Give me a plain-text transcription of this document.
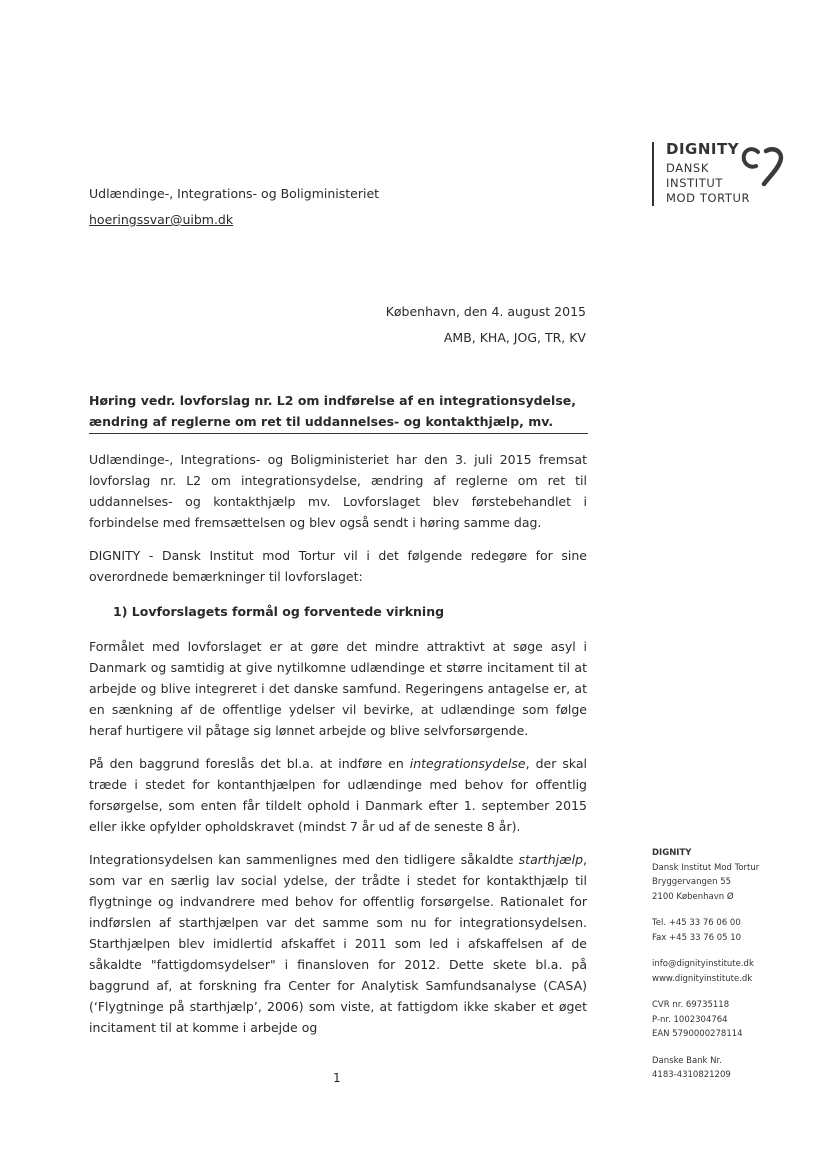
DIGNITY
DANSK
INSTITUT
MOD TORTUR
Udlændinge-, Integrations- og Boligministeriet
hoeringssvar@uibm.dk
København, den 4. august 2015
AMB, KHA, JOG, TR, KV
Høring vedr. lovforslag nr. L2 om indførelse af en integrationsydelse, ændring af reglerne om ret til uddannelses- og kontakthjælp, mv.

Udlændinge-, Integrations- og Boligministeriet har den 3. juli 2015 fremsat lovforslag nr. L2 om integrationsydelse, ændring af reglerne om ret til uddannelses- og kontakthjælp mv. Lovforslaget blev førstebehandlet i forbindelse med fremsættelsen og blev også sendt i høring samme dag.

DIGNITY - Dansk Institut mod Tortur vil i det følgende redegøre for sine overordnede bemærkninger til lovforslaget:

1) Lovforslagets formål og forventede virkning

Formålet med lovforslaget er at gøre det mindre attraktivt at søge asyl i Danmark og samtidig at give nytilkomne udlændinge et større incitament til at arbejde og blive integreret i det danske samfund. Regeringens antagelse er, at en sænkning af de offentlige ydelser vil bevirke, at udlændinge som følge heraf hurtigere vil påtage sig lønnet arbejde og blive selvforsørgende.

På den baggrund foreslås det bl.a. at indføre en integrationsydelse, der skal træde i stedet for kontanthjælpen for udlændinge med behov for offentlig forsørgelse, som enten får tildelt ophold i Danmark efter 1. september 2015 eller ikke opfylder opholdskravet (mindst 7 år ud af de seneste 8 år).

Integrationsydelsen kan sammenlignes med den tidligere såkaldte starthjælp, som var en særlig lav social ydelse, der trådte i stedet for kontakthjælp til flygtninge og indvandrere med behov for offentlig forsørgelse. Rationalet for indførslen af starthjælpen var det samme som nu for integrationsydelsen. Starthjælpen blev imidlertid afskaffet i 2011 som led i afskaffelsen af de såkaldte "fattigdomsydelser" i finansloven for 2012. Dette skete bl.a. på baggrund af, at forskning fra Center for Analytisk Samfundsanalyse (CASA) (‘Flygtninge på starthjælp’, 2006) som viste, at fattigdom ikke skaber et øget incitament til at komme i arbejde og

DIGNITY
Dansk Institut Mod Tortur
Bryggervangen 55
2100 København Ø
Tel. +45 33 76 06 00
Fax +45 33 76 05 10
info@dignityinstitute.dk
www.dignityinstitute.dk
CVR nr. 69735118
P-nr. 1002304764
EAN 5790000278114
Danske Bank Nr.
4183-4310821209
1
